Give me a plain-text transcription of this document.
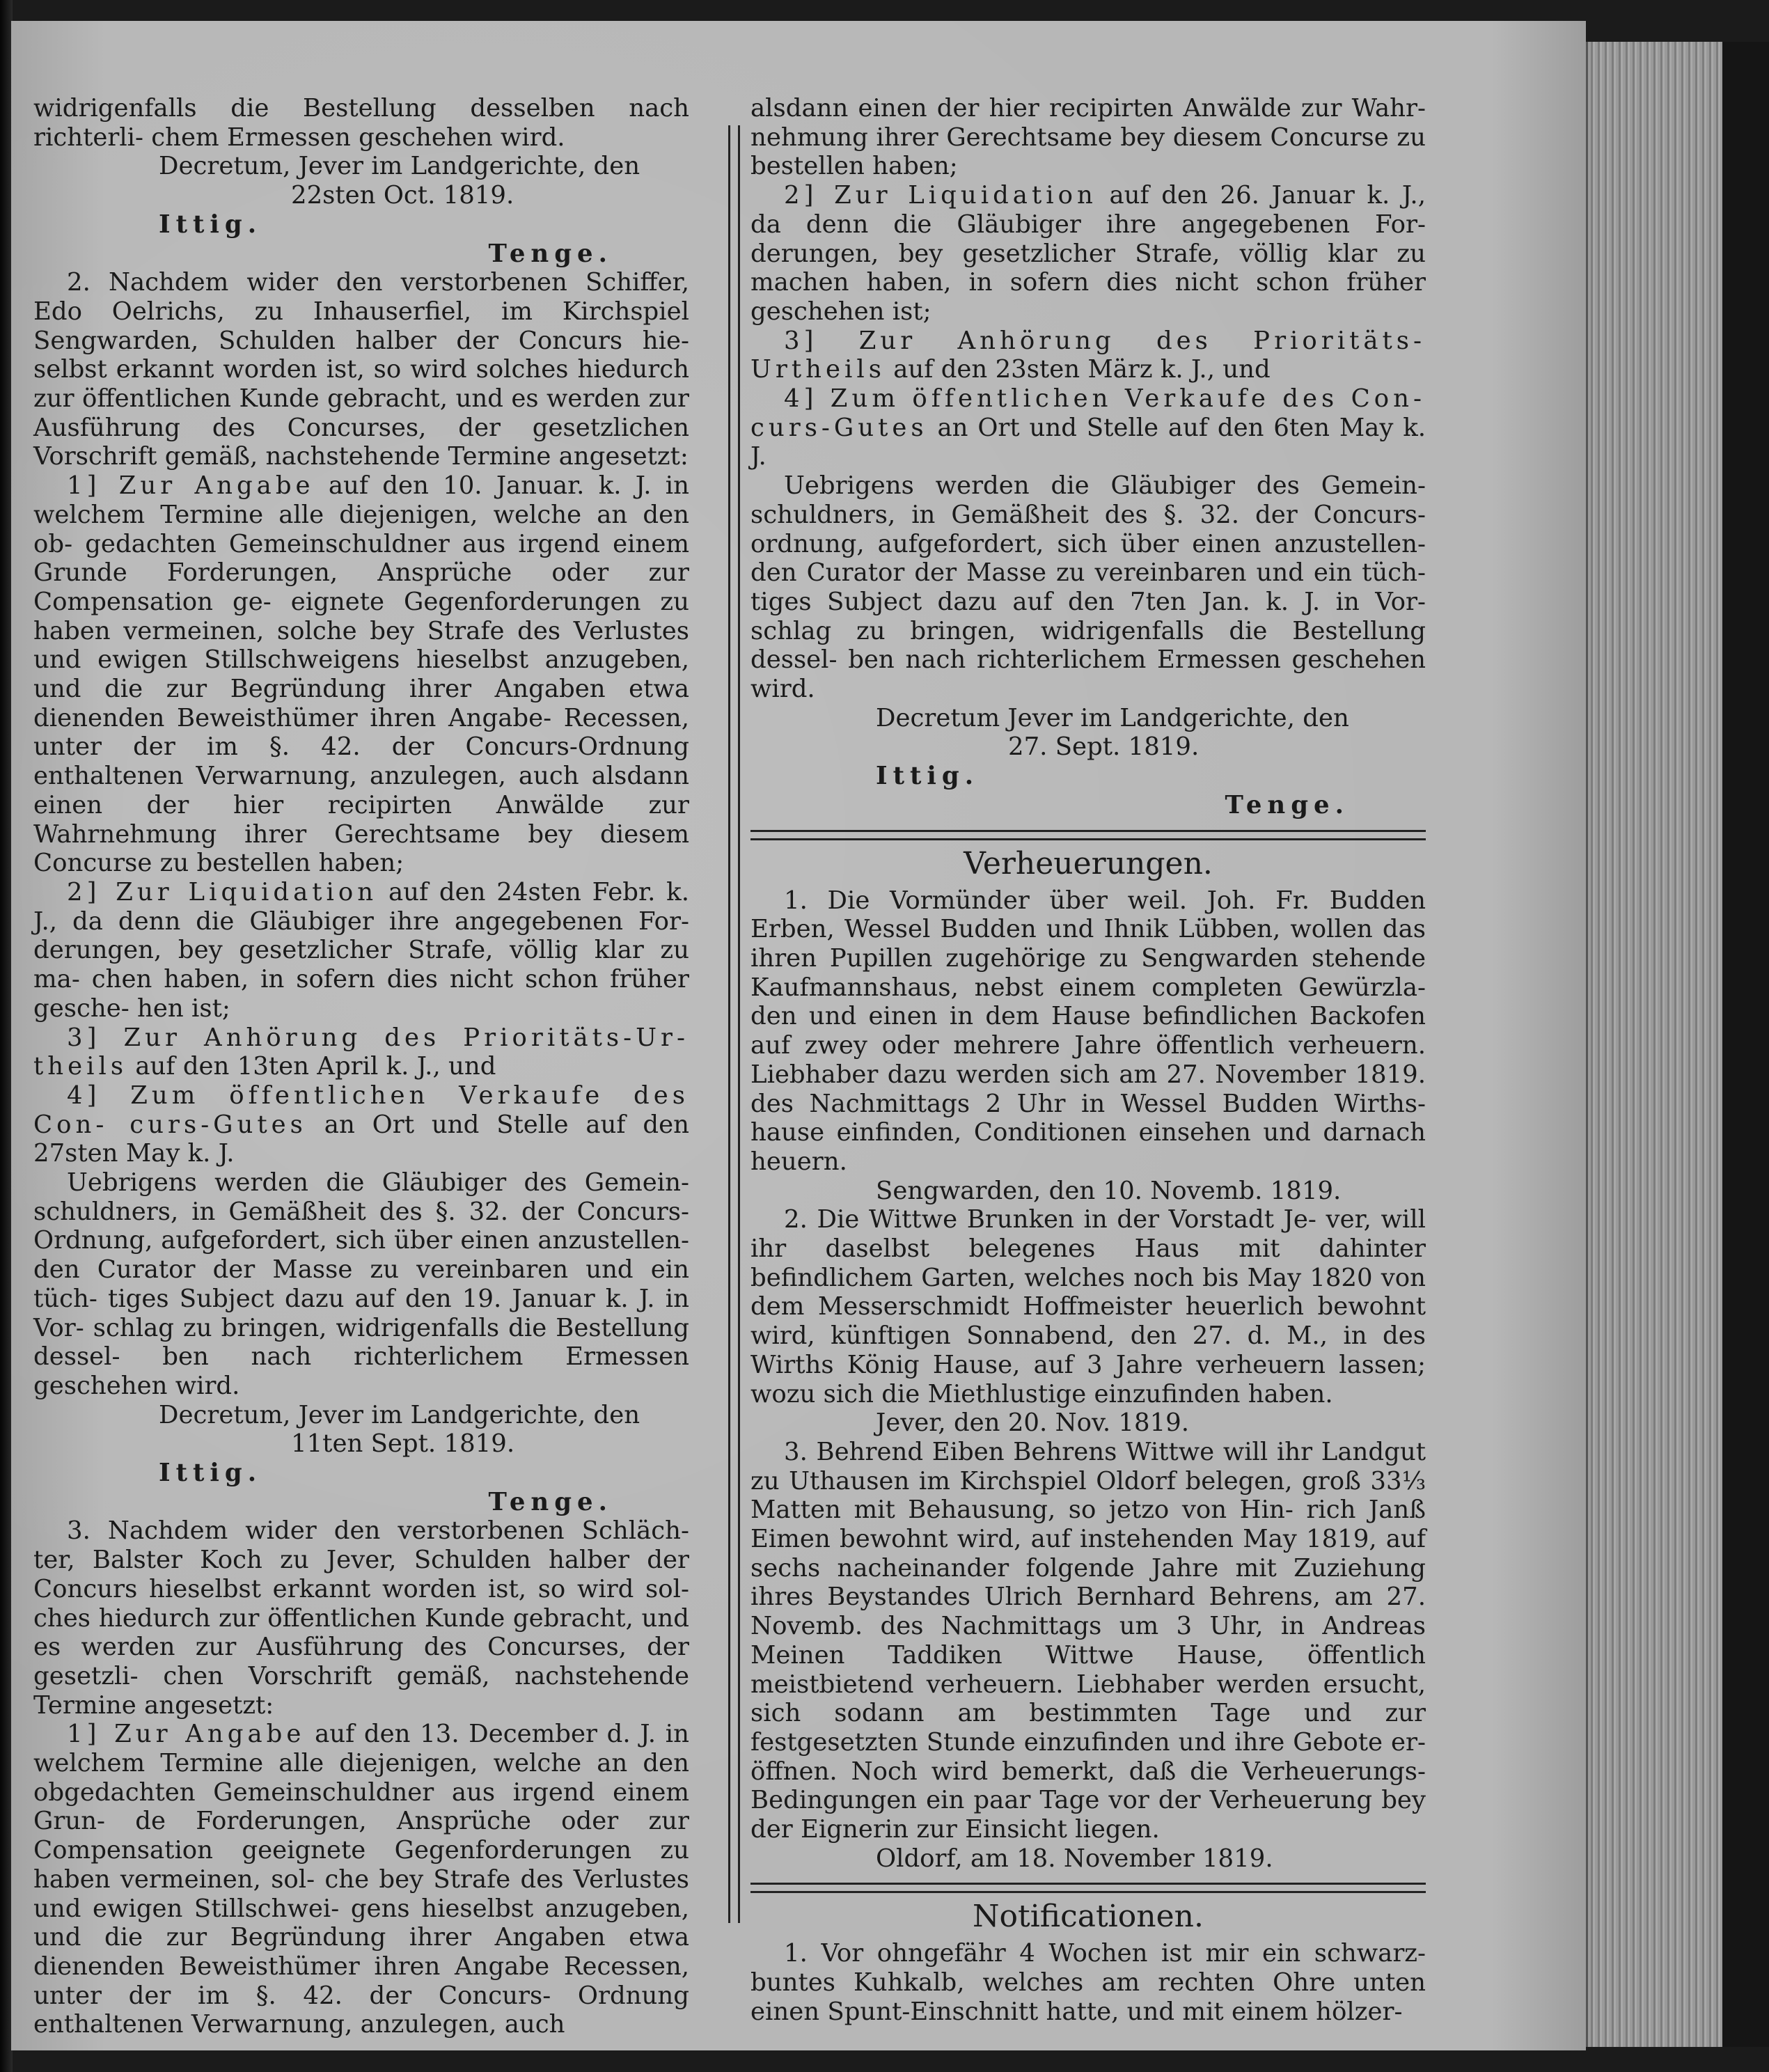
widrigenfalls die Bestellung desselben nach richterli- chem Ermessen geschehen wird.

Decretum, Jever im Landgerichte, den

22sten Oct. 1819.

Ittig.

Tenge.

2. Nachdem wider den verstorbenen Schiffer, Edo Oelrichs, zu Inhauserfiel, im Kirchspiel Sengwarden, Schulden halber der Concurs hie- selbst erkannt worden ist, so wird solches hiedurch zur öffentlichen Kunde gebracht, und es werden zur Ausführung des Concurses, der gesetzlichen Vorschrift gemäß, nachstehende Termine angesetzt:

1] Zur Angabe auf den 10. Januar. k. J. in welchem Termine alle diejenigen, welche an den ob- gedachten Gemeinschuldner aus irgend einem Grunde Forderungen, Ansprüche oder zur Compensation ge- eignete Gegenforderungen zu haben vermeinen, solche bey Strafe des Verlustes und ewigen Stillschweigens hieselbst anzugeben, und die zur Begründung ihrer Angaben etwa dienenden Beweisthümer ihren Angabe- Recessen, unter der im §. 42. der Concurs-Ordnung enthaltenen Verwarnung, anzulegen, auch alsdann einen der hier recipirten Anwälde zur Wahrnehmung ihrer Gerechtsame bey diesem Concurse zu bestellen haben;

2] Zur Liquidation auf den 24sten Febr. k. J., da denn die Gläubiger ihre angegebenen For- derungen, bey gesetzlicher Strafe, völlig klar zu ma- chen haben, in sofern dies nicht schon früher gesche- hen ist;

3] Zur Anhörung des Prioritäts-Ur- theils auf den 13ten April k. J., und

4] Zum öffentlichen Verkaufe des Con- curs-Gutes an Ort und Stelle auf den 27sten May k. J.

Uebrigens werden die Gläubiger des Gemein- schuldners, in Gemäßheit des §. 32. der Concurs- Ordnung, aufgefordert, sich über einen anzustellen- den Curator der Masse zu vereinbaren und ein tüch- tiges Subject dazu auf den 19. Januar k. J. in Vor- schlag zu bringen, widrigenfalls die Bestellung dessel- ben nach richterlichem Ermessen geschehen wird.

Decretum, Jever im Landgerichte, den

11ten Sept. 1819.

Ittig.

Tenge.

3. Nachdem wider den verstorbenen Schläch- ter, Balster Koch zu Jever, Schulden halber der Concurs hieselbst erkannt worden ist, so wird sol- ches hiedurch zur öffentlichen Kunde gebracht, und es werden zur Ausführung des Concurses, der gesetzli- chen Vorschrift gemäß, nachstehende Termine angesetzt:

1] Zur Angabe auf den 13. December d. J. in welchem Termine alle diejenigen, welche an den obgedachten Gemeinschuldner aus irgend einem Grun- de Forderungen, Ansprüche oder zur Compensation geeignete Gegenforderungen zu haben vermeinen, sol- che bey Strafe des Verlustes und ewigen Stillschwei- gens hieselbst anzugeben, und die zur Begründung ihrer Angaben etwa dienenden Beweisthümer ihren Angabe Recessen, unter der im §. 42. der Concurs- Ordnung enthaltenen Verwarnung, anzulegen, auch

alsdann einen der hier recipirten Anwälde zur Wahr- nehmung ihrer Gerechtsame bey diesem Concurse zu bestellen haben;

2] Zur Liquidation auf den 26. Januar k. J., da denn die Gläubiger ihre angegebenen For- derungen, bey gesetzlicher Strafe, völlig klar zu machen haben, in sofern dies nicht schon früher geschehen ist;

3] Zur Anhörung des Prioritäts- Urtheils auf den 23sten März k. J., und

4] Zum öffentlichen Verkaufe des Con- curs-Gutes an Ort und Stelle auf den 6ten May k. J.

Uebrigens werden die Gläubiger des Gemein- schuldners, in Gemäßheit des §. 32. der Concurs- ordnung, aufgefordert, sich über einen anzustellen- den Curator der Masse zu vereinbaren und ein tüch- tiges Subject dazu auf den 7ten Jan. k. J. in Vor- schlag zu bringen, widrigenfalls die Bestellung dessel- ben nach richterlichem Ermessen geschehen wird.

Decretum Jever im Landgerichte, den

27. Sept. 1819.

Ittig.

Tenge.

Verheuerungen.

1. Die Vormünder über weil. Joh. Fr. Budden Erben, Wessel Budden und Ihnik Lübben, wollen das ihren Pupillen zugehörige zu Sengwarden stehende Kaufmannshaus, nebst einem completen Gewürzla- den und einen in dem Hause befindlichen Backofen auf zwey oder mehrere Jahre öffentlich verheuern. Liebhaber dazu werden sich am 27. November 1819. des Nachmittags 2 Uhr in Wessel Budden Wirths- hause einfinden, Conditionen einsehen und darnach heuern.

Sengwarden, den 10. Novemb. 1819.

2. Die Wittwe Brunken in der Vorstadt Je- ver, will ihr daselbst belegenes Haus mit dahinter befindlichem Garten, welches noch bis May 1820 von dem Messerschmidt Hoffmeister heuerlich bewohnt wird, künftigen Sonnabend, den 27. d. M., in des Wirths König Hause, auf 3 Jahre verheuern lassen; wozu sich die Miethlustige einzufinden haben.

Jever, den 20. Nov. 1819.

3. Behrend Eiben Behrens Wittwe will ihr Landgut zu Uthausen im Kirchspiel Oldorf belegen, groß 33⅓ Matten mit Behausung, so jetzo von Hin- rich Janß Eimen bewohnt wird, auf instehenden May 1819, auf sechs nacheinander folgende Jahre mit Zuziehung ihres Beystandes Ulrich Bernhard Behrens, am 27. Novemb. des Nachmittags um 3 Uhr, in Andreas Meinen Taddiken Wittwe Hause, öffentlich meistbietend verheuern. Liebhaber werden ersucht, sich sodann am bestimmten Tage und zur festgesetzten Stunde einzufinden und ihre Gebote er- öffnen. Noch wird bemerkt, daß die Verheuerungs- Bedingungen ein paar Tage vor der Verheuerung bey der Eignerin zur Einsicht liegen.

Oldorf, am 18. November 1819.

Notificationen.

1. Vor ohngefähr 4 Wochen ist mir ein schwarz- buntes Kuhkalb, welches am rechten Ohre unten einen Spunt-Einschnitt hatte, und mit einem hölzer-
